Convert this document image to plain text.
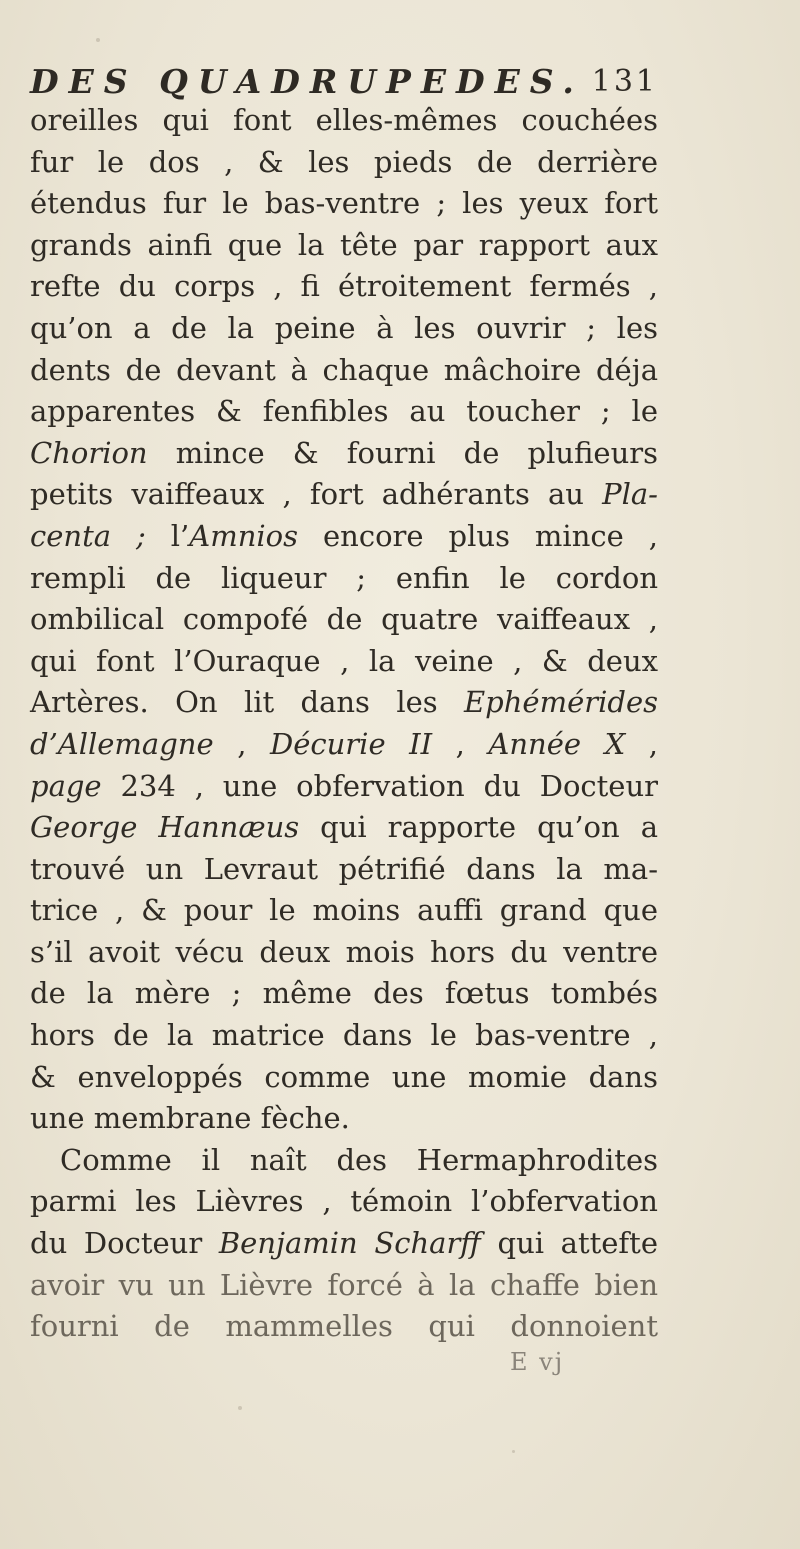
DES QUADRUPEDES. 131
oreilles qui font elles-mêmes couchées
fur le dos , & les pieds de derrière
étendus fur le bas-ventre ; les yeux fort
grands ainfi que la tête par rapport aux
refte du corps , fi étroitement fermés ,
qu’on a de la peine à les ouvrir ; les
dents de devant à chaque mâchoire déja
apparentes & fenfibles au toucher ; le
Chorion mince & fourni de plufieurs
petits vaiffeaux , fort adhérants au Pla-
centa ; l’Amnios encore plus mince ,
rempli de liqueur ; enfin le cordon
ombilical compofé de quatre vaiffeaux ,
qui font l’Ouraque , la veine , & deux
Artères. On lit dans les Ephémérides
d’Allemagne , Décurie II , Année X ,
page 234 , une obfervation du Docteur
George Hannæus qui rapporte qu’on a
trouvé un Levraut pétrifié dans la ma-
trice , & pour le moins auffi grand que
s’il avoit vécu deux mois hors du ventre
de la mère ; même des fœtus tombés
hors de la matrice dans le bas-ventre ,
& enveloppés comme une momie dans
une membrane fèche.
Comme il naît des Hermaphrodites
parmi les Lièvres , témoin l’obfervation
du Docteur Benjamin Scharff qui attefte
avoir vu un Lièvre forcé à la chaffe bien
fourni de mammelles qui donnoient
E vj
